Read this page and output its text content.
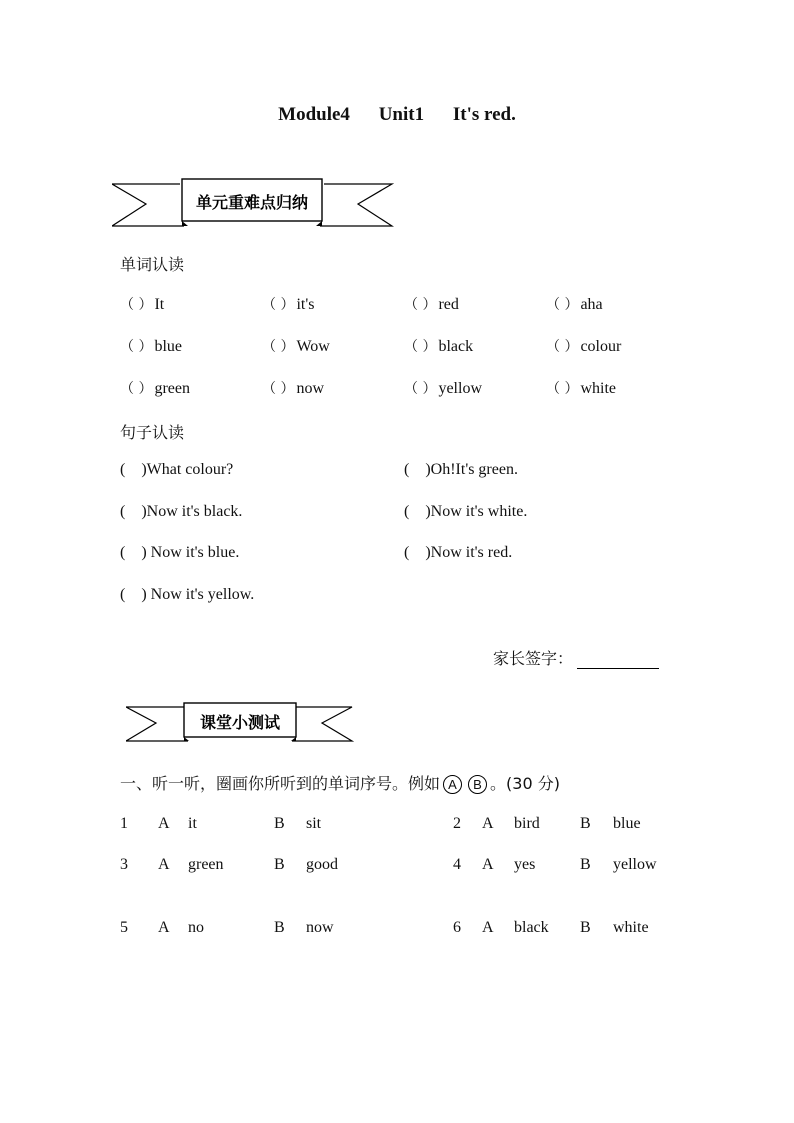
Module4 Unit1 It's red.
单元重难点归纳
单词认读
（ ） It	（ ） it's	（ ） red	（ ） aha
（ ） blue	（ ） Wow	（ ） black	（ ） colour
（ ） green	（ ） now	（ ） yellow	（ ） white
句子认读
(    )What colour?	(    )Oh!It's green.
(    )Now it's black.	(    )Now it's white.
(    ) Now it's blue.	(    )Now it's red.
(    ) Now it's yellow.
家长签字：
课堂小测试
一、听一听，圈画你所听到的单词序号。例如 A B 。(30 分)
1 A it	B sit	2 A bird	B blue
3 A green	B good	4 A yes	B yellow
5 A no	B now	6 A black B white
